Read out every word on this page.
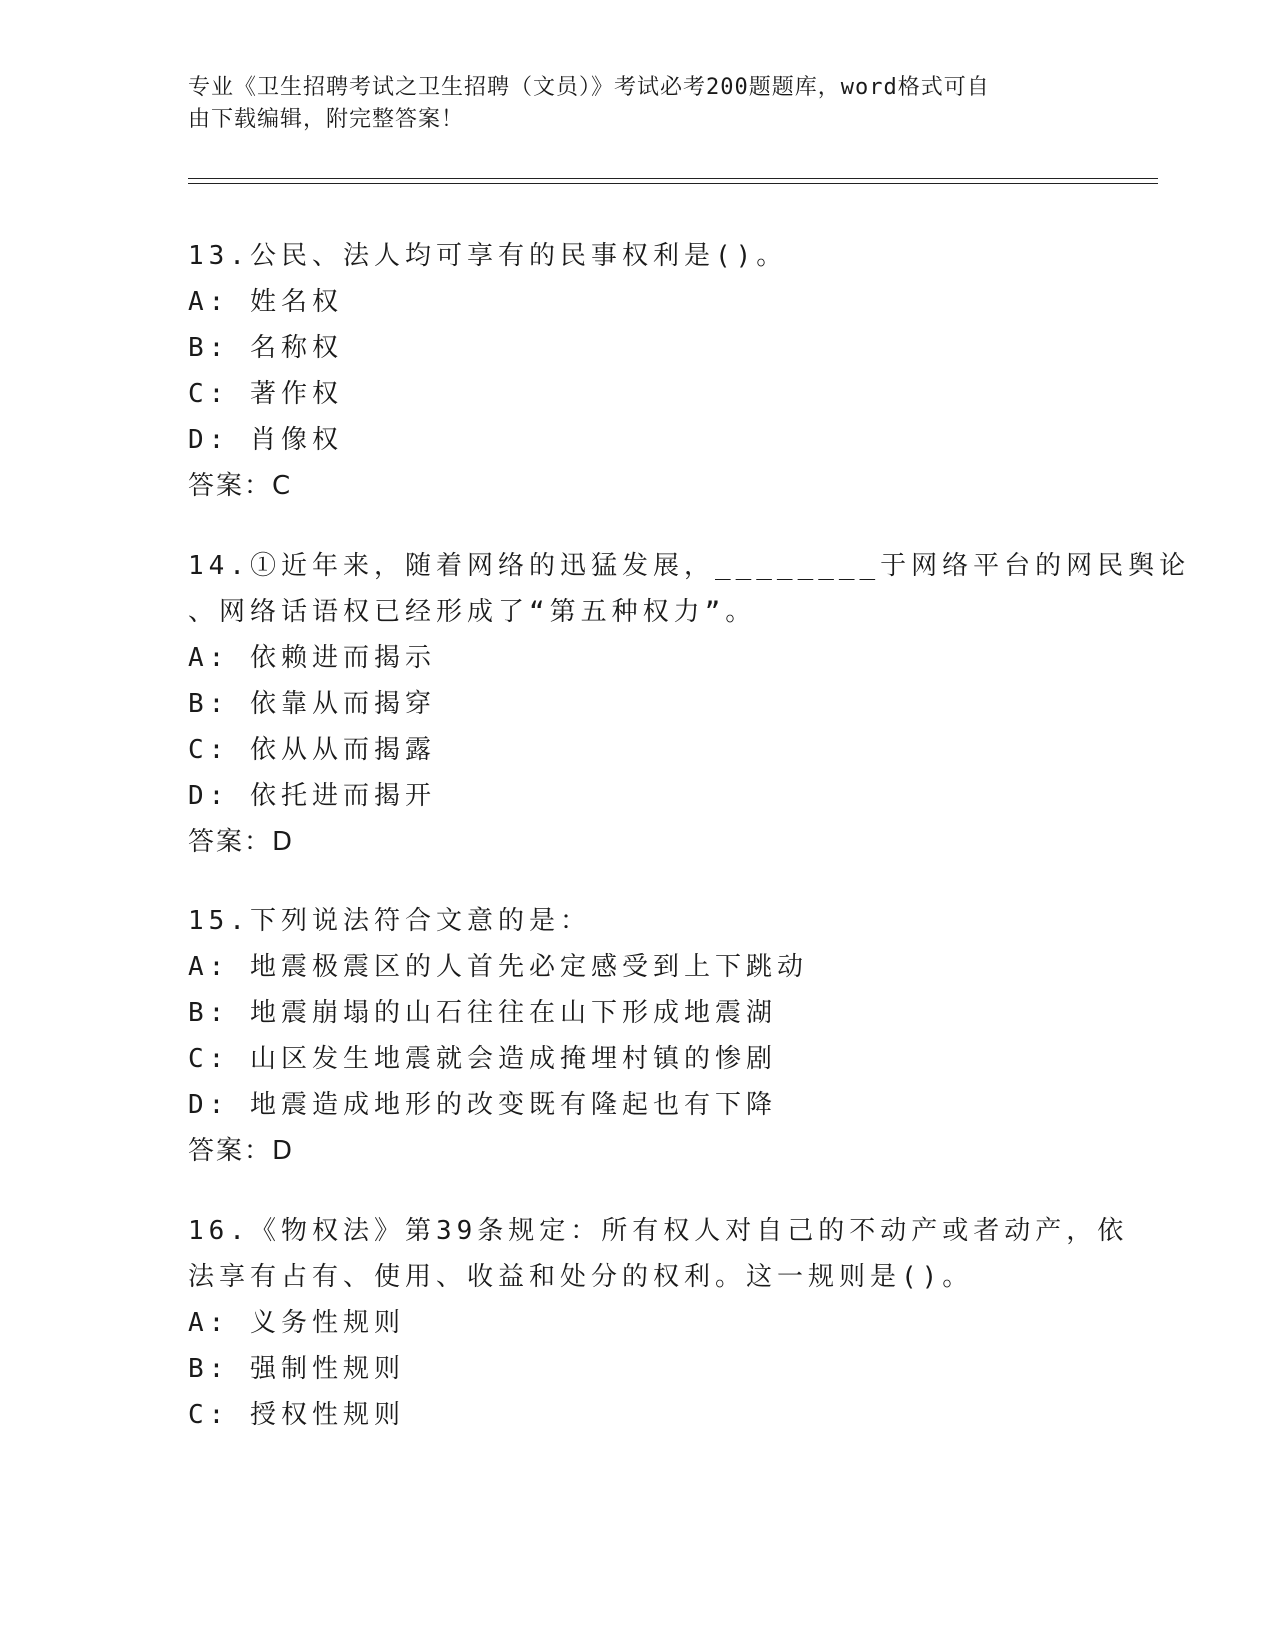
专业《卫生招聘考试之卫生招聘（文员）》考试必考200题题库，word格式可自
由下载编辑，附完整答案！
13.公民、法人均可享有的民事权利是()。
A: 姓名权
B: 名称权
C: 著作权
D: 肖像权
答案：C
14.①近年来，随着网络的迅猛发展，________于网络平台的网民舆论
、网络话语权已经形成了“第五种权力”。
A: 依赖进而揭示
B: 依靠从而揭穿
C: 依从从而揭露
D: 依托进而揭开
答案：D
15.下列说法符合文意的是：
A: 地震极震区的人首先必定感受到上下跳动
B: 地震崩塌的山石往往在山下形成地震湖
C: 山区发生地震就会造成掩埋村镇的惨剧
D: 地震造成地形的改变既有隆起也有下降
答案：D
16.《物权法》第39条规定：所有权人对自己的不动产或者动产，依
法享有占有、使用、收益和处分的权利。这一规则是()。
A: 义务性规则
B: 强制性规则
C: 授权性规则
